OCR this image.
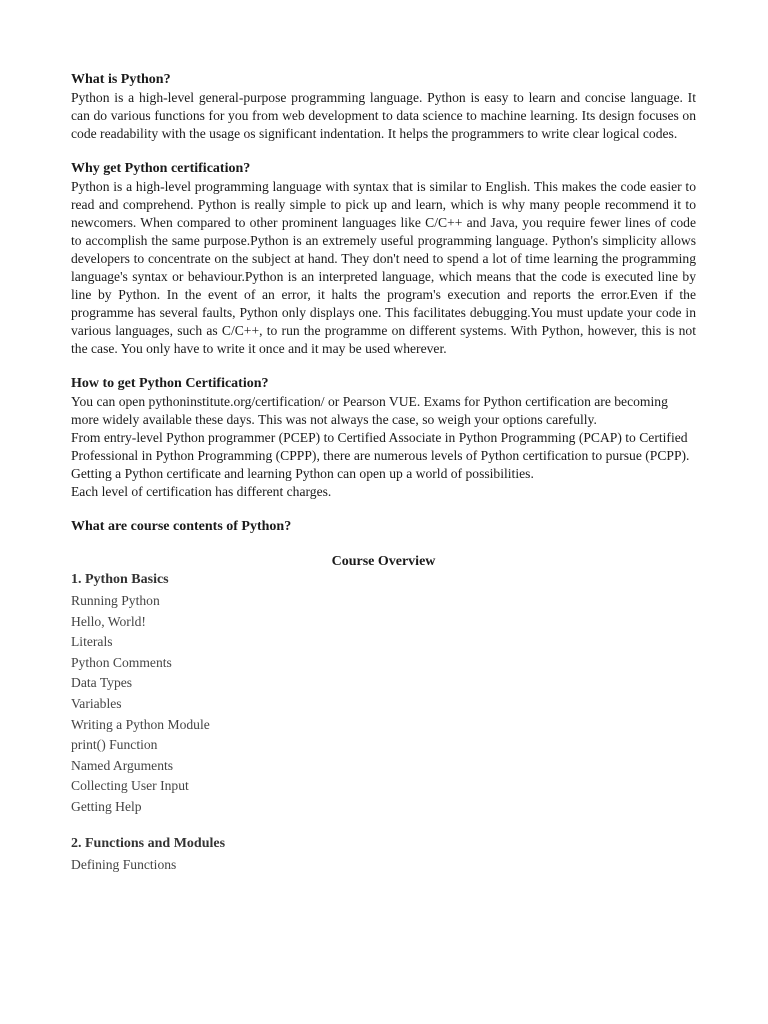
What is Python?

Python is a high-level general-purpose programming language. Python is easy to learn and concise language. It can do various functions for you from web development to data science to machine learning. Its design focuses on code readability with the usage os significant indentation. It helps the programmers to write clear logical codes.

Why get Python certification?

Python is a high-level programming language with syntax that is similar to English. This makes the code easier to read and comprehend. Python is really simple to pick up and learn, which is why many people recommend it to newcomers. When compared to other prominent languages like C/C++ and Java, you require fewer lines of code to accomplish the same purpose.Python is an extremely useful programming language. Python's simplicity allows developers to concentrate on the subject at hand. They don't need to spend a lot of time learning the programming language's syntax or behaviour.Python is an interpreted language, which means that the code is executed line by line by Python. In the event of an error, it halts the program's execution and reports the error.Even if the programme has several faults, Python only displays one. This facilitates debugging.You must update your code in various languages, such as C/C++, to run the programme on different systems. With Python, however, this is not the case. You only have to write it once and it may be used wherever.

How to get Python Certification?

You can open pythoninstitute.org/certification/ or Pearson VUE. Exams for Python certification are becoming more widely available these days. This was not always the case, so weigh your options carefully.

From entry-level Python programmer (PCEP) to Certified Associate in Python Programming (PCAP) to Certified Professional in Python Programming (CPPP), there are numerous levels of Python certification to pursue (PCPP). Getting a Python certificate and learning Python can open up a world of possibilities.

Each level of certification has different charges.

What are course contents of Python?
Course Overview
1. Python Basics
Running Python
Hello, World!
Literals
Python Comments
Data Types
Variables
Writing a Python Module
print() Function
Named Arguments
Collecting User Input
Getting Help
2. Functions and Modules
Defining Functions
